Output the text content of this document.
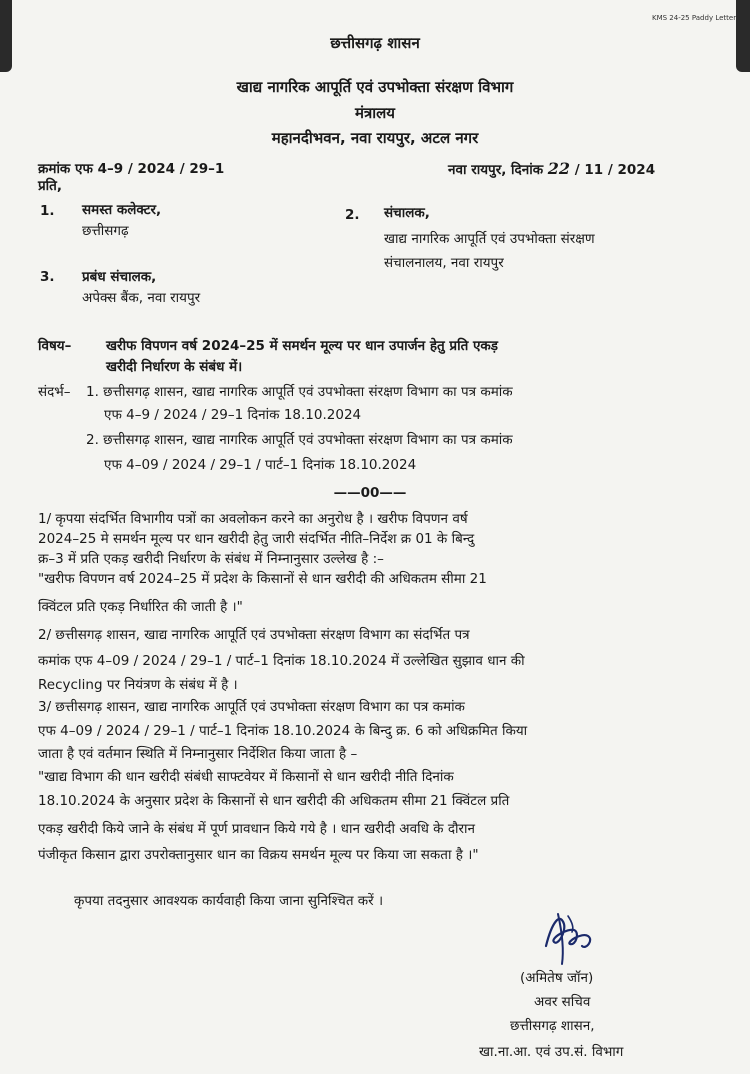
KMS 24-25 Paddy Letter
छत्तीसगढ़ शासन
खाद्य नागरिक आपूर्ति एवं उपभोक्ता संरक्षण विभाग
मंत्रालय
महानदीभवन, नवा रायपुर, अटल नगर
क्रमांक एफ 4–9 / 2024 / 29–1	नवा रायपुर, दिनांक 22 / 11 / 2024
प्रति,
1. समस्त कलेक्टर,
छत्तीसगढ़
2. संचालक,
खाद्य नागरिक आपूर्ति एवं उपभोक्ता संरक्षण
संचालनालय, नवा रायपुर
3. प्रबंध संचालक,
अपेक्स बैंक, नवा रायपुर
विषय–	खरीफ विपणन वर्ष 2024–25 में समर्थन मूल्य पर धान उपार्जन हेतु प्रति एकड़
खरीदी निर्धारण के संबंध में।
संदर्भ– 1. छत्तीसगढ़ शासन, खाद्य नागरिक आपूर्ति एवं उपभोक्ता संरक्षण विभाग का पत्र कमांक
एफ 4–9 / 2024 / 29–1 दिनांक 18.10.2024
2. छत्तीसगढ़ शासन, खाद्य नागरिक आपूर्ति एवं उपभोक्ता संरक्षण विभाग का पत्र कमांक
एफ 4–09 / 2024 / 29–1 / पार्ट–1 दिनांक 18.10.2024
——00——
1/ कृपया संदर्भित विभागीय पत्रों का अवलोकन करने का अनुरोध है । खरीफ विपणन वर्ष
2024–25 मे समर्थन मूल्य पर धान खरीदी हेतु जारी संदर्भित नीति–निर्देश क्र 01 के बिन्दु
क्र–3 में प्रति एकड़ खरीदी निर्धारण के संबंध में निम्नानुसार उल्लेख है :–
"खरीफ विपणन वर्ष 2024–25 में प्रदेश के किसानों से धान खरीदी की अधिकतम सीमा 21
क्विंटल प्रति एकड़ निर्धारित की जाती है ।"
2/ छत्तीसगढ़ शासन, खाद्य नागरिक आपूर्ति एवं उपभोक्ता संरक्षण विभाग का संदर्भित पत्र
कमांक एफ 4–09 / 2024 / 29–1 / पार्ट–1 दिनांक 18.10.2024 में उल्लेखित सुझाव धान की
Recycling पर नियंत्रण के संबंध में है ।
3/ छत्तीसगढ़ शासन, खाद्य नागरिक आपूर्ति एवं उपभोक्ता संरक्षण विभाग का पत्र कमांक
एफ 4–09 / 2024 / 29–1 / पार्ट–1 दिनांक 18.10.2024 के बिन्दु क्र. 6 को अधिक्रमित किया
जाता है एवं वर्तमान स्थिति में निम्नानुसार निर्देशित किया जाता है –
"खाद्य विभाग की धान खरीदी संबंधी साफ्टवेयर में किसानों से धान खरीदी नीति दिनांक
18.10.2024 के अनुसार प्रदेश के किसानों से धान खरीदी की अधिकतम सीमा 21 क्विंटल प्रति
एकड़ खरीदी किये जाने के संबंध में पूर्ण प्रावधान किये गये है । धान खरीदी अवधि के दौरान
पंजीकृत किसान द्वारा उपरोक्तानुसार धान का विक्रय समर्थन मूल्य पर किया जा सकता है ।"
कृपया तदनुसार आवश्यक कार्यवाही किया जाना सुनिश्चित करें ।
(अमितेष जॉन)
अवर सचिव
छत्तीसगढ़ शासन,
खा.ना.आ. एवं उप.सं. विभाग
